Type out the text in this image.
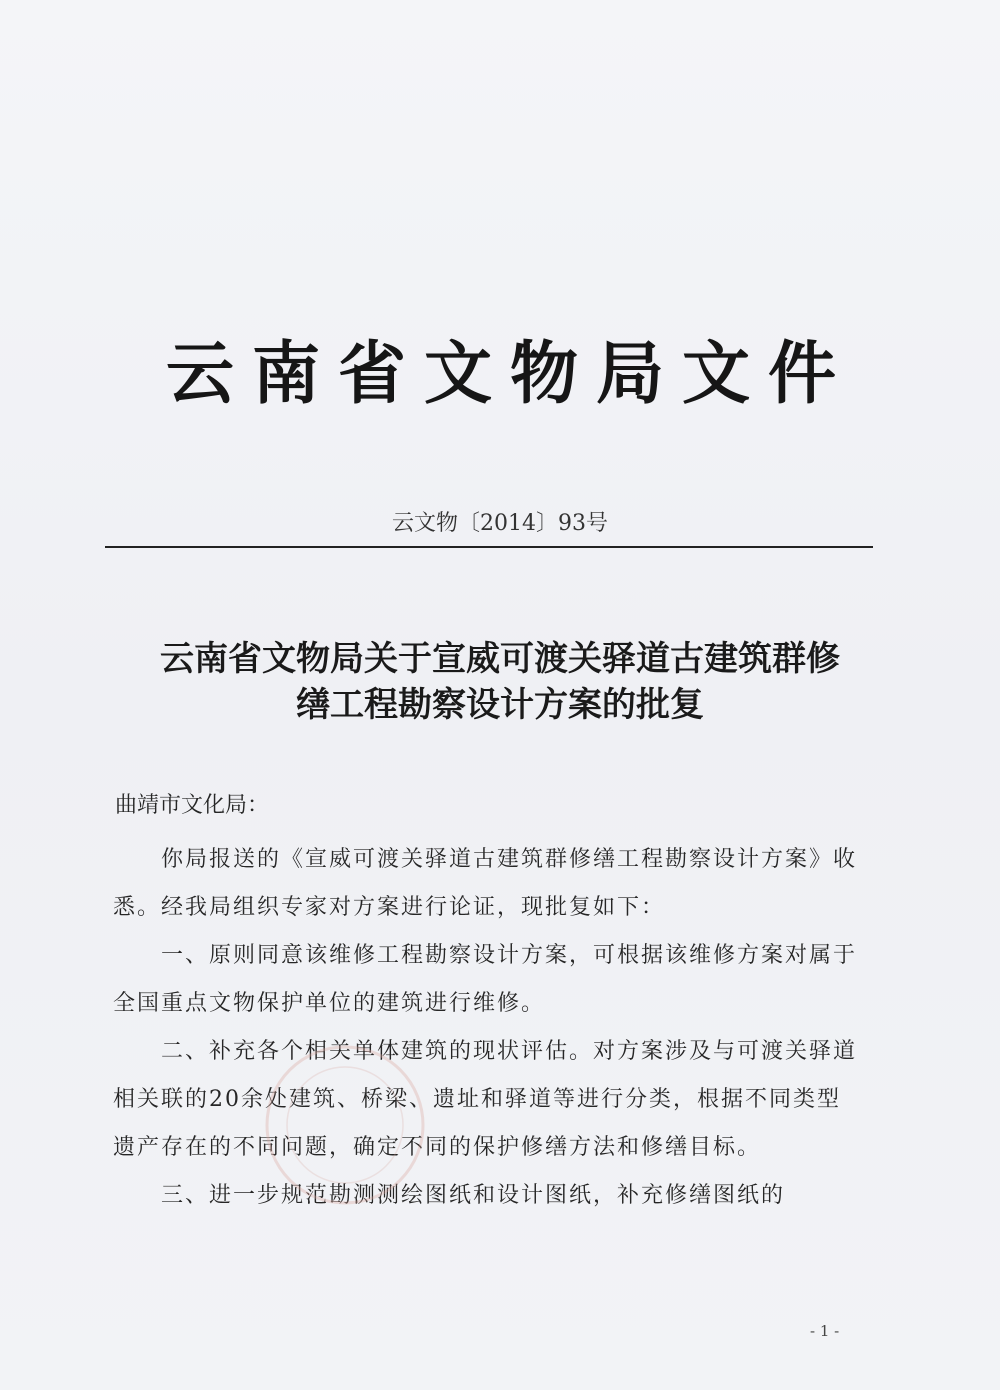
云南省文物局文件
云文物〔2014〕93号
云南省文物局关于宣威可渡关驿道古建筑群修
缮工程勘察设计方案的批复
曲靖市文化局：

你局报送的《宣威可渡关驿道古建筑群修缮工程勘察设计方案》收悉。经我局组织专家对方案进行论证，现批复如下：

一、原则同意该维修工程勘察设计方案，可根据该维修方案对属于全国重点文物保护单位的建筑进行维修。

二、补充各个相关单体建筑的现状评估。对方案涉及与可渡关驿道相关联的20余处建筑、桥梁、遗址和驿道等进行分类，根据不同类型遗产存在的不同问题，确定不同的保护修缮方法和修缮目标。

三、进一步规范勘测测绘图纸和设计图纸，补充修缮图纸的

- 1 -
